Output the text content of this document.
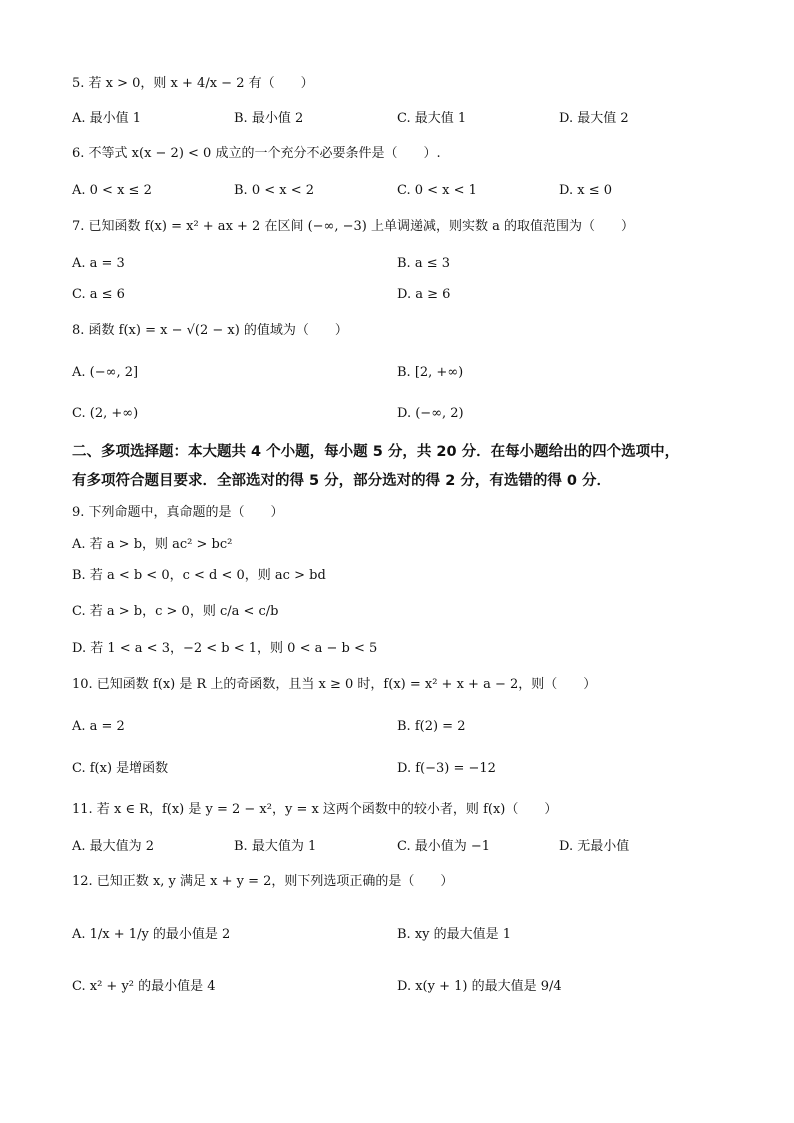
5. 若 x > 0，则 x + 4/x − 2 有（　　）
A. 最小值 1	B. 最小值 2	C. 最大值 1	D. 最大值 2
6. 不等式 x(x − 2) < 0 成立的一个充分不必要条件是（　　）.
A. 0 < x ≤ 2	B. 0 < x < 2	C. 0 < x < 1	D. x ≤ 0
7. 已知函数 f(x) = x² + ax + 2 在区间 (−∞, −3) 上单调递减，则实数 a 的取值范围为（　　）
A. a = 3	B. a ≤ 3
C. a ≤ 6	D. a ≥ 6
8. 函数 f(x) = x − √(2 − x) 的值域为（　　）
A. (−∞, 2]	B. [2, +∞)
C. (2, +∞)	D. (−∞, 2)
二、多项选择题：本大题共 4 个小题，每小题 5 分，共 20 分．在每小题给出的四个选项中，
有多项符合题目要求．全部选对的得 5 分，部分选对的得 2 分，有选错的得 0 分．
9. 下列命题中，真命题的是（　　）
A. 若 a > b，则 ac² > bc²
B. 若 a < b < 0，c < d < 0，则 ac > bd
C. 若 a > b，c > 0，则 c/a < c/b
D. 若 1 < a < 3，−2 < b < 1，则 0 < a − b < 5
10. 已知函数 f(x) 是 R 上的奇函数，且当 x ≥ 0 时，f(x) = x² + x + a − 2，则（　　）
A. a = 2	B. f(2) = 2
C. f(x) 是增函数	D. f(−3) = −12
11. 若 x ∈ R，f(x) 是 y = 2 − x²，y = x 这两个函数中的较小者，则 f(x)（　　）
A. 最大值为 2	B. 最大值为 1	C. 最小值为 −1	D. 无最小值
12. 已知正数 x, y 满足 x + y = 2，则下列选项正确的是（　　）
A. 1/x + 1/y 的最小值是 2	B. xy 的最大值是 1
C. x² + y² 的最小值是 4	D. x(y + 1) 的最大值是 9/4
